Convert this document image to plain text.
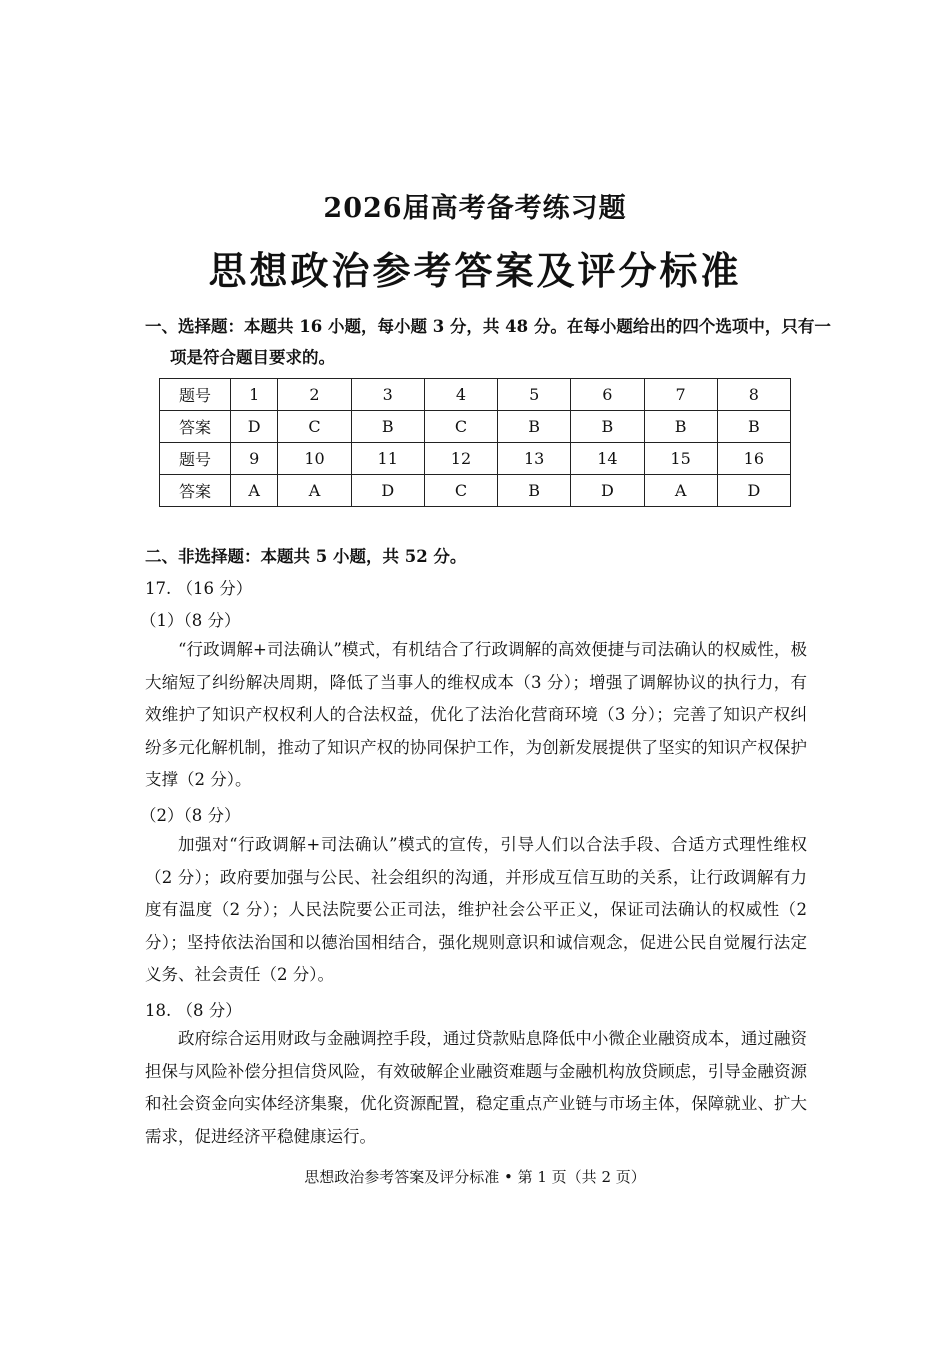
2026届高考备考练习题
思想政治参考答案及评分标准
一、选择题：本题共 16 小题，每小题 3 分，共 48 分。在每小题给出的四个选项中，只有一
项是符合题目要求的。
题号	1	2	3	4	5	6	7	8
答案	D	C	B	C	B	B	B	B
题号	9	10	11	12	13	14	15	16
答案	A	A	D	C	B	D	A	D
二、非选择题：本题共 5 小题，共 52 分。
17. （16 分）
（1）（8 分）
“行政调解+司法确认”模式，有机结合了行政调解的高效便捷与司法确认的权威性，极大缩短了纠纷解决周期，降低了当事人的维权成本（3 分）；增强了调解协议的执行力，有效维护了知识产权权利人的合法权益，优化了法治化营商环境（3 分）；完善了知识产权纠纷多元化解机制，推动了知识产权的协同保护工作，为创新发展提供了坚实的知识产权保护支撑（2 分）。
（2）（8 分）
加强对“行政调解+司法确认”模式的宣传，引导人们以合法手段、合适方式理性维权（2 分）；政府要加强与公民、社会组织的沟通，并形成互信互助的关系，让行政调解有力度有温度（2 分）；人民法院要公正司法，维护社会公平正义，保证司法确认的权威性（2 分）；坚持依法治国和以德治国相结合，强化规则意识和诚信观念，促进公民自觉履行法定义务、社会责任（2 分）。
18. （8 分）
政府综合运用财政与金融调控手段，通过贷款贴息降低中小微企业融资成本，通过融资担保与风险补偿分担信贷风险，有效破解企业融资难题与金融机构放贷顾虑，引导金融资源和社会资金向实体经济集聚，优化资源配置，稳定重点产业链与市场主体，保障就业、扩大需求，促进经济平稳健康运行。
思想政治参考答案及评分标准 • 第 1 页（共 2 页）
